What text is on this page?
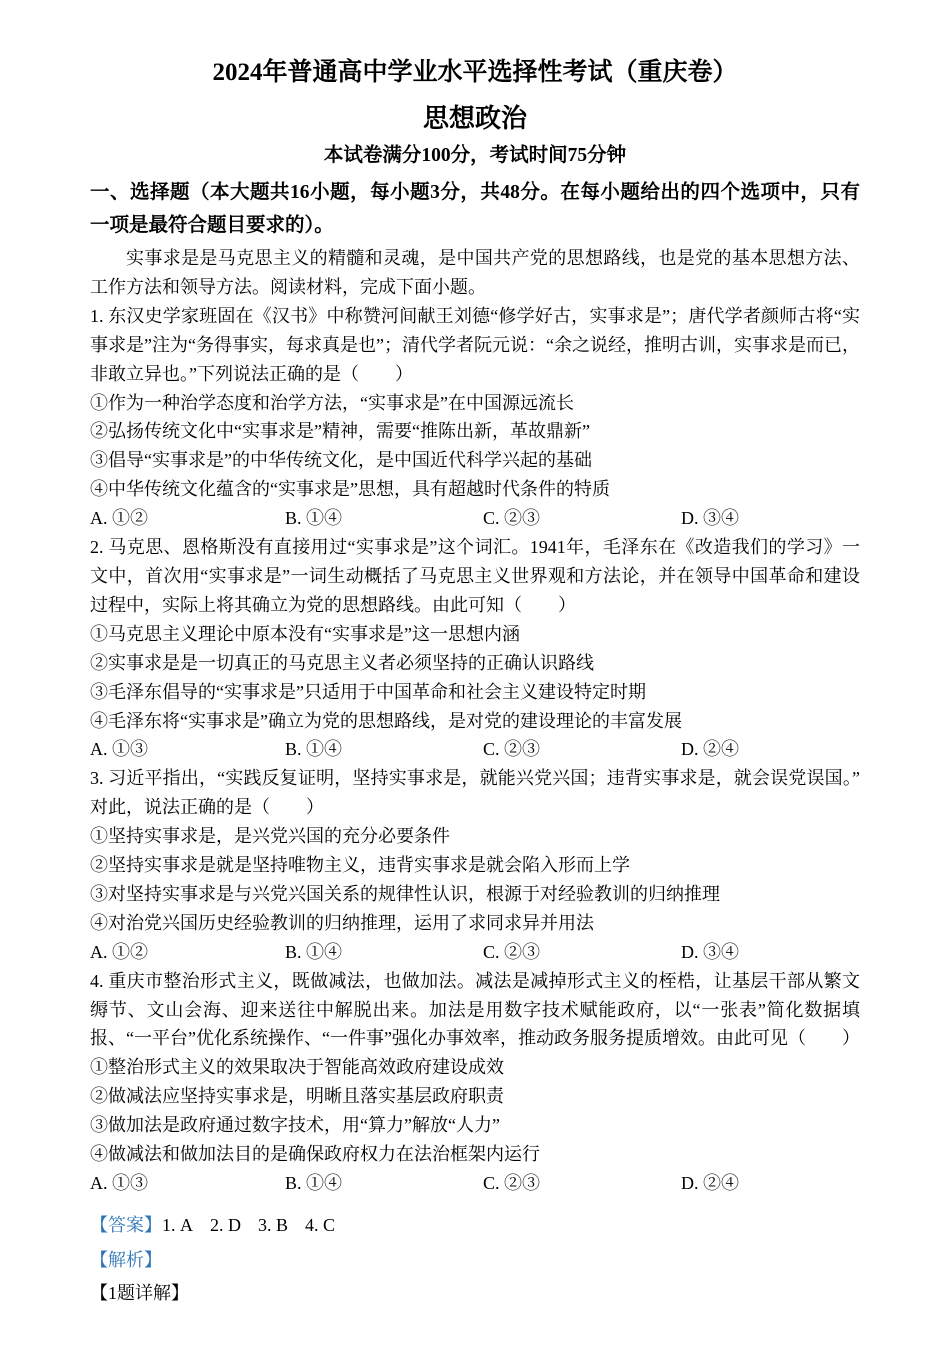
2024年普通高中学业水平选择性考试（重庆卷）
思想政治
本试卷满分100分，考试时间75分钟
一、选择题（本大题共16小题，每小题3分，共48分。在每小题给出的四个选项中，只有一项是最符合题目要求的）。

实事求是是马克思主义的精髓和灵魂，是中国共产党的思想路线，也是党的基本思想方法、工作方法和领导方法。阅读材料，完成下面小题。

1. 东汉史学家班固在《汉书》中称赞河间献王刘德“修学好古，实事求是”；唐代学者颜师古将“实事求是”注为“务得事实，每求真是也”；清代学者阮元说：“余之说经，推明古训，实事求是而已，非敢立异也。”下列说法正确的是（　　）

①作为一种治学态度和治学方法，“实事求是”在中国源远流长

②弘扬传统文化中“实事求是”精神，需要“推陈出新，革故鼎新”

③倡导“实事求是”的中华传统文化，是中国近代科学兴起的基础

④中华传统文化蕴含的“实事求是”思想，具有超越时代条件的特质

A. ①②	B. ①④	C. ②③	D. ③④

2. 马克思、恩格斯没有直接用过“实事求是”这个词汇。1941年，毛泽东在《改造我们的学习》一文中，首次用“实事求是”一词生动概括了马克思主义世界观和方法论，并在领导中国革命和建设过程中，实际上将其确立为党的思想路线。由此可知（　　）

①马克思主义理论中原本没有“实事求是”这一思想内涵

②实事求是是一切真正的马克思主义者必须坚持的正确认识路线

③毛泽东倡导的“实事求是”只适用于中国革命和社会主义建设特定时期

④毛泽东将“实事求是”确立为党的思想路线，是对党的建设理论的丰富发展

A. ①③	B. ①④	C. ②③	D. ②④

3. 习近平指出，“实践反复证明，坚持实事求是，就能兴党兴国；违背实事求是，就会误党误国。”对此，说法正确的是（　　）

①坚持实事求是，是兴党兴国的充分必要条件

②坚持实事求是就是坚持唯物主义，违背实事求是就会陷入形而上学

③对坚持实事求是与兴党兴国关系的规律性认识，根源于对经验教训的归纳推理

④对治党兴国历史经验教训的归纳推理，运用了求同求异并用法

A. ①②	B. ①④	C. ②③	D. ③④

4. 重庆市整治形式主义，既做减法，也做加法。减法是减掉形式主义的桎梏，让基层干部从繁文缛节、文山会海、迎来送往中解脱出来。加法是用数字技术赋能政府，以“一张表”简化数据填报、“一平台”优化系统操作、“一件事”强化办事效率，推动政务服务提质增效。由此可见（　　）

①整治形式主义的效果取决于智能高效政府建设成效

②做减法应坚持实事求是，明晰且落实基层政府职责

③做加法是政府通过数字技术，用“算力”解放“人力”

④做减法和做加法目的是确保政府权力在法治框架内运行

A. ①③	B. ①④	C. ②③	D. ②④
【答案】1. A 2. D 3. B 4. C
【解析】
【1题详解】
